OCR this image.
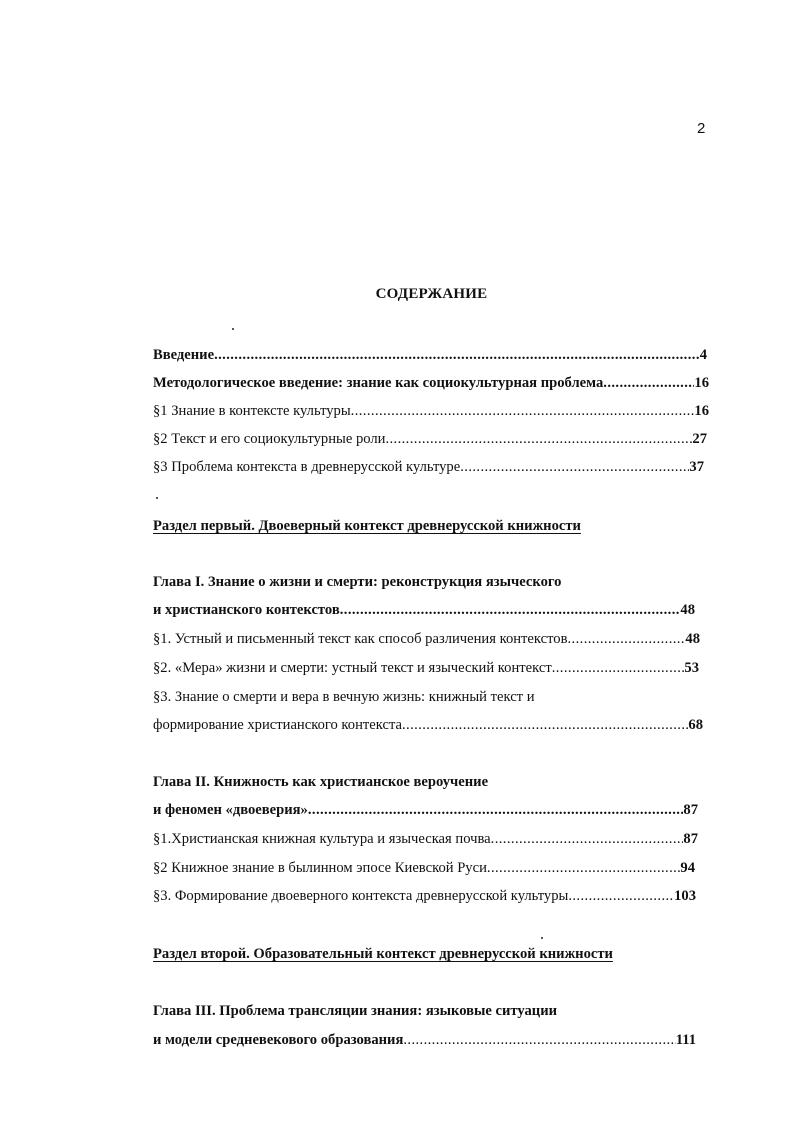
2
СОДЕРЖАНИЕ
Введение .....	4
Методологическое введение: знание как социокультурная проблема .....	16
§1 Знание в контексте культуры .....	16
§2 Текст и его социокультурные роли .....	27
§3 Проблема контекста в древнерусской культуре .....	37
Раздел первый. Двоеверный контекст древнерусской книжности
Глава I. Знание о жизни и смерти: реконструкция языческого
и христианского контекстов .....	48
§1. Устный и письменный текст как способ различения контекстов .....	48
§2. «Мера» жизни и смерти: устный текст и языческий контекст .....	53
§3. Знание о смерти и вера в вечную жизнь: книжный текст и
формирование христианского контекста .....	68
Глава II. Книжность как христианское вероучение
и феномен «двоеверия» .....	87
§1.Христианская книжная культура и языческая почва .....	87
§2 Книжное знание в былинном эпосе Киевской Руси .....	94
§3. Формирование двоеверного контекста древнерусской культуры .....	103
Раздел второй. Образовательный контекст древнерусской книжности
Глава III. Проблема трансляции знания: языковые ситуации
и модели средневекового образования .....	111
